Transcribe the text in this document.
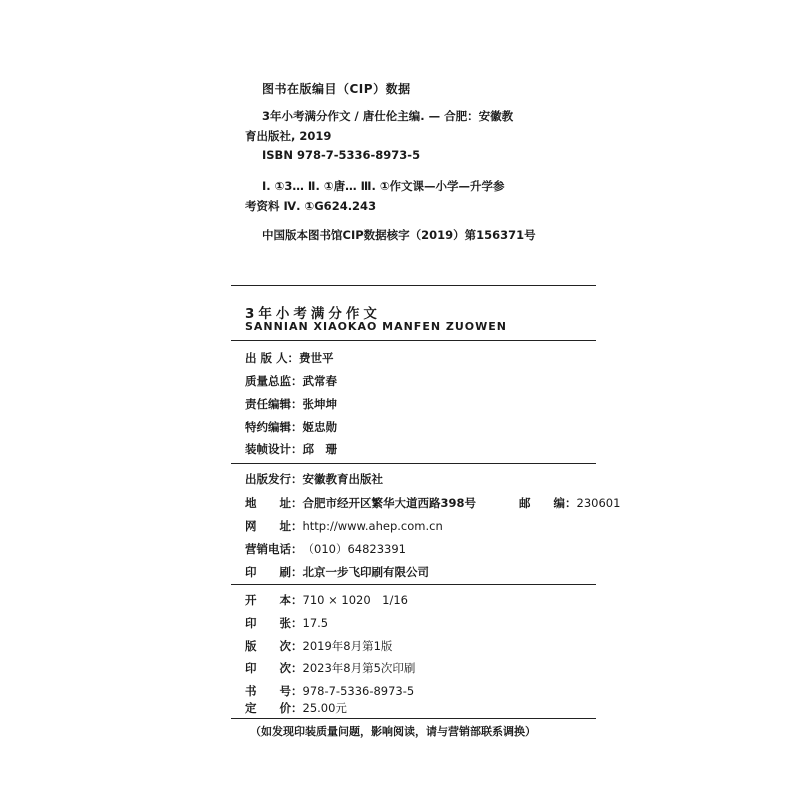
图书在版编目（CIP）数据
3年小考满分作文 / 唐仕伦主编. — 合肥：安徽教
育出版社, 2019
ISBN 978-7-5336-8973-5
Ⅰ. ①3… Ⅱ. ①唐… Ⅲ. ①作文课—小学—升学参
考资料 Ⅳ. ①G624.243
中国版本图书馆CIP数据核字（2019）第156371号
3年小考满分作文
SANNIAN XIAOKAO MANFEN ZUOWEN
出 版 人：费世平
质量总监：武常春
责任编辑：张坤坤
特约编辑：姬忠勋
装帧设计：邱　珊
出版发行：安徽教育出版社
地　　址：合肥市经开区繁华大道西路398号	邮　　编：230601
网　　址：http://www.ahep.com.cn
营销电话：（010）64823391
印　　刷：北京一步飞印刷有限公司
开　　本：710 × 1020　1/16
印　　张：17.5
版　　次：2019年8月第1版
印　　次：2023年8月第5次印刷
书　　号：978-7-5336-8973-5
定　　价：25.00元
（如发现印装质量问题，影响阅读，请与营销部联系调换）
